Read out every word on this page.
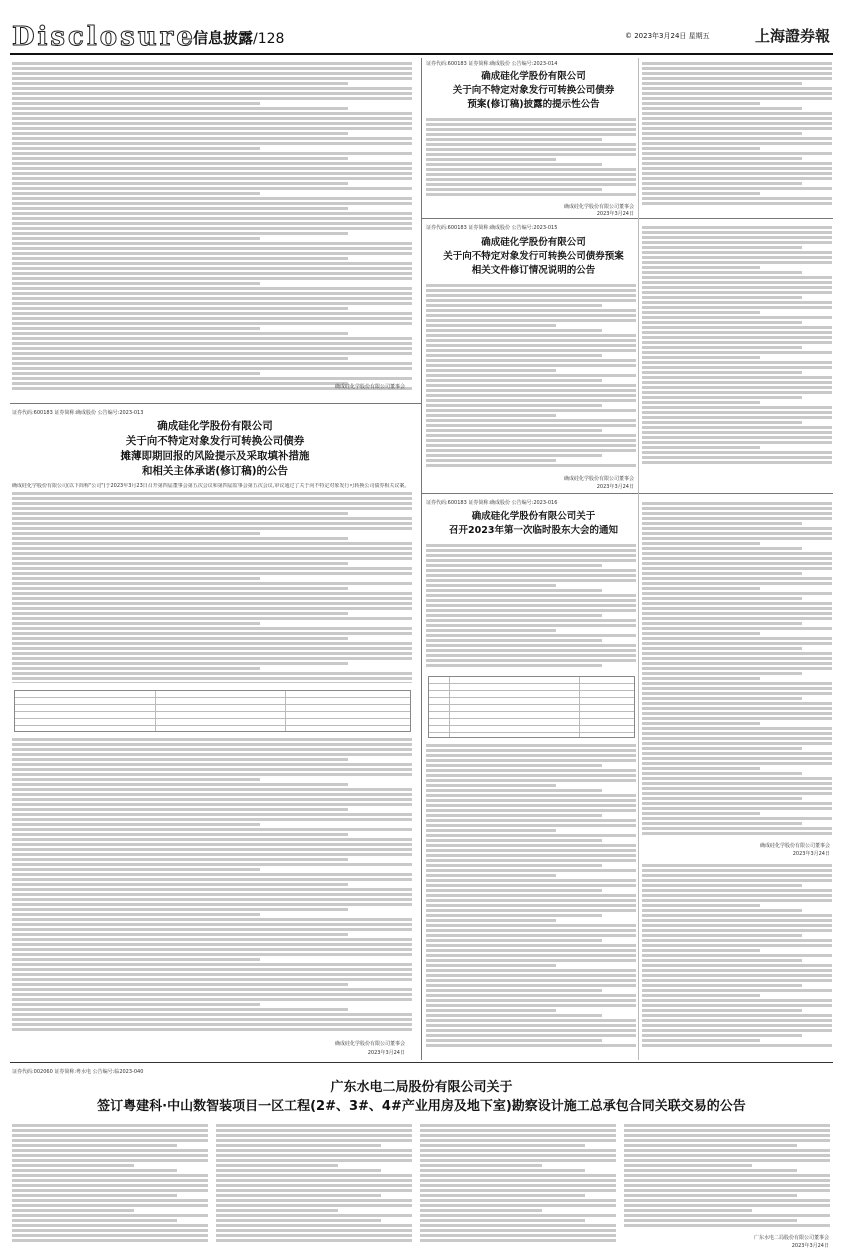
Disclosure
信息披露/128	© 2023年3月24日 星期五	上海證券報
确成硅化学股份有限公司董事会
证券代码:600183 证券简称:确成股份 公告编号:2023-013
确成硅化学股份有限公司
关于向不特定对象发行可转换公司债券
摊薄即期回报的风险提示及采取填补措施
和相关主体承诺(修订稿)的公告
确成硅化学股份有限公司(以下简称"公司")于2023年3月23日召开第四届董事会第五次会议和第四届监事会第五次会议,审议通过了关于向不特定对象发行可转换公司债券相关议案。
确成硅化学股份有限公司董事会
2023年3月24日
证券代码:600183 证券简称:确成股份 公告编号:2023-014
确成硅化学股份有限公司
关于向不特定对象发行可转换公司债券
预案(修订稿)披露的提示性公告
确成硅化学股份有限公司董事会
2023年3月24日
证券代码:600183 证券简称:确成股份 公告编号:2023-015
确成硅化学股份有限公司
关于向不特定对象发行可转换公司债券预案
相关文件修订情况说明的公告
确成硅化学股份有限公司董事会
2023年3月24日
证券代码:600183 证券简称:确成股份 公告编号:2023-016
确成硅化学股份有限公司关于
召开2023年第一次临时股东大会的通知
确成硅化学股份有限公司董事会
2023年3月24日
证券代码:002060 证券简称:粤水电 公告编号:临2023-040
广东水电二局股份有限公司关于
签订粤建科·中山数智装项目一区工程(2#、3#、4#产业用房及地下室)勘察设计施工总承包合同关联交易的公告
广东水电二局股份有限公司董事会
2023年3月24日
